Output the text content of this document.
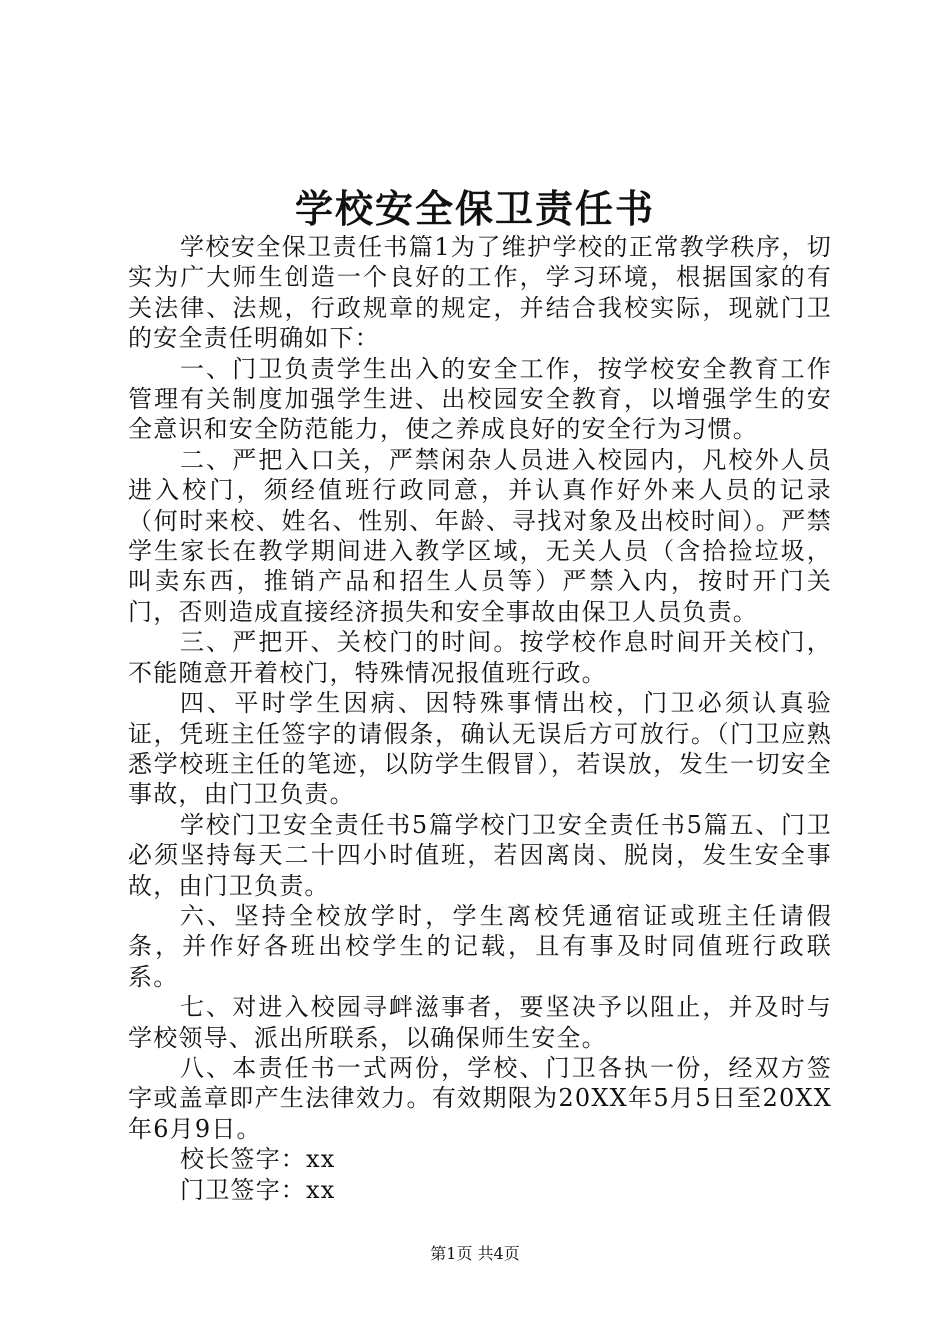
学校安全保卫责任书

学校安全保卫责任书篇1为了维护学校的正常教学秩序，切实为广大师生创造一个良好的工作，学习环境，根据国家的有关法律、法规，行政规章的规定，并结合我校实际，现就门卫的安全责任明确如下：

一、门卫负责学生出入的安全工作，按学校安全教育工作管理有关制度加强学生进、出校园安全教育，以增强学生的安全意识和安全防范能力，使之养成良好的安全行为习惯。

二、严把入口关，严禁闲杂人员进入校园内，凡校外人员进入校门，须经值班行政同意，并认真作好外来人员的记录（何时来校、姓名、性别、年龄、寻找对象及出校时间）。严禁学生家长在教学期间进入教学区域，无关人员（含拾捡垃圾，叫卖东西，推销产品和招生人员等）严禁入内，按时开门关门，否则造成直接经济损失和安全事故由保卫人员负责。

三、严把开、关校门的时间。按学校作息时间开关校门，不能随意开着校门，特殊情况报值班行政。

四、平时学生因病、因特殊事情出校，门卫必须认真验证，凭班主任签字的请假条，确认无误后方可放行。（门卫应熟悉学校班主任的笔迹，以防学生假冒），若误放，发生一切安全事故，由门卫负责。

学校门卫安全责任书5篇学校门卫安全责任书5篇五、门卫必须坚持每天二十四小时值班，若因离岗、脱岗，发生安全事故，由门卫负责。

六、坚持全校放学时，学生离校凭通宿证或班主任请假条，并作好各班出校学生的记载，且有事及时同值班行政联系。

七、对进入校园寻衅滋事者，要坚决予以阻止，并及时与学校领导、派出所联系，以确保师生安全。

八、本责任书一式两份，学校、门卫各执一份，经双方签字或盖章即产生法律效力。有效期限为20XX年5月5日至20XX年6月9日。

校长签字：xx

门卫签字：xx

第1页 共4页
